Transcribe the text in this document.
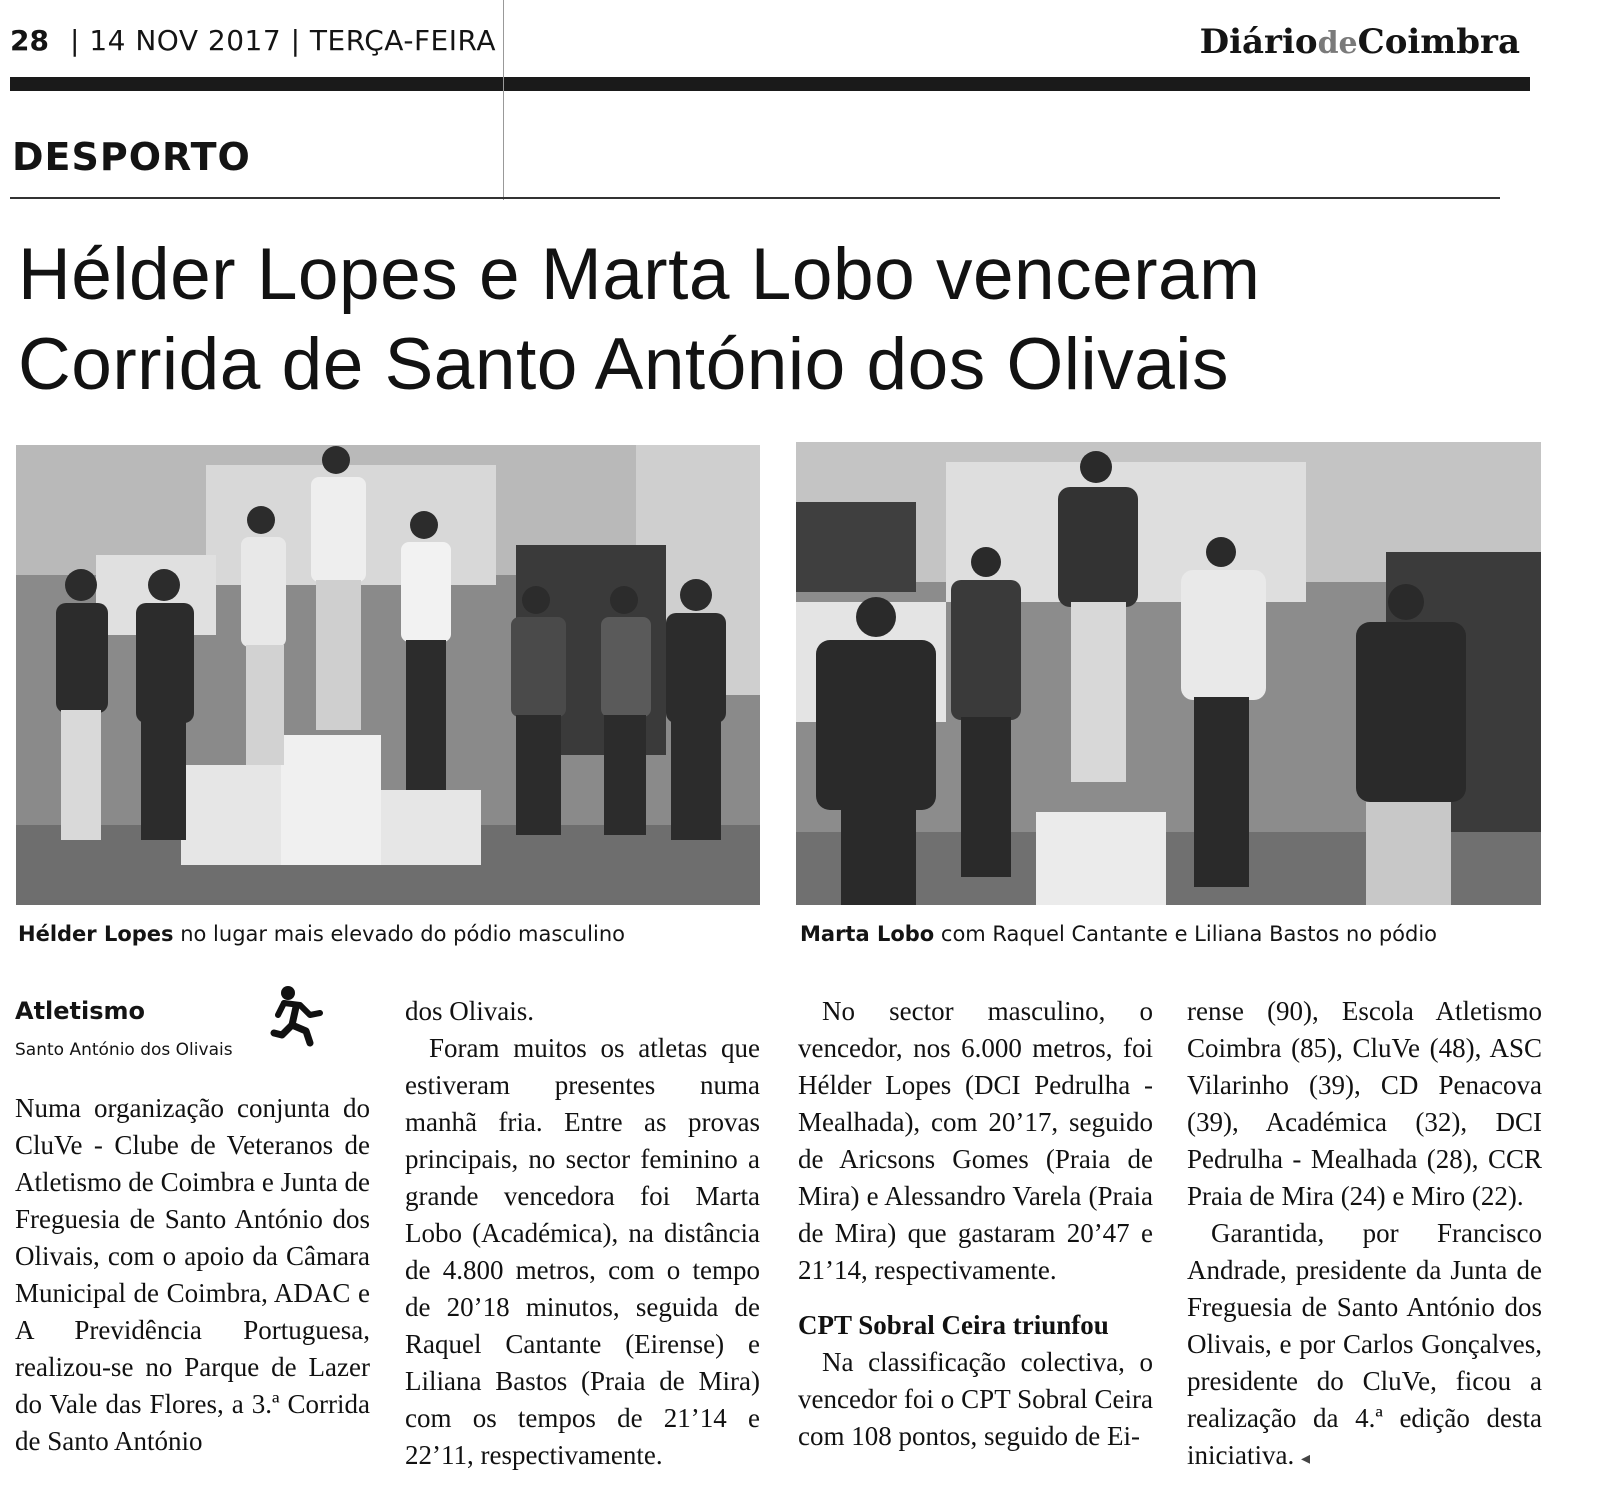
28 | 14 NOV 2017 | TERÇA-FEIRA	DiáriodeCoimbra
DESPORTO
Hélder Lopes e Marta Lobo venceram
Corrida de Santo António dos Olivais
Hélder Lopes no lugar mais elevado do pódio masculino	Marta Lobo com Raquel Cantante e Liliana Bastos no pódio
Atletismo
Santo António dos Olivais

Numa organização conjunta do CluVe - Clube de Veteranos de Atletismo de Coimbra e Junta de Freguesia de Santo António dos Olivais, com o apoio da Câmara Municipal de Coimbra, ADAC e A Previdência Portuguesa, realizou-se no Parque de Lazer do Vale das Flores, a 3.ª Corrida de Santo António

dos Olivais.

Foram muitos os atletas que estiveram presentes numa manhã fria. Entre as provas principais, no sector feminino a grande vencedora foi Marta Lobo (Académica), na distância de 4.800 metros, com o tempo de 20’18 minutos, seguida de Raquel Cantante (Eirense) e Liliana Bastos (Praia de Mira) com os tempos de 21’14 e 22’11, respectivamente.

No sector masculino, o vencedor, nos 6.000 metros, foi Hélder Lopes (DCI Pedrulha - Mealhada), com 20’17, seguido de Aricsons Gomes (Praia de Mira) e Alessandro Varela (Praia de Mira) que gastaram 20’47 e 21’14, respectivamente.

CPT Sobral Ceira triunfou

Na classificação colectiva, o vencedor foi o CPT Sobral Ceira com 108 pontos, seguido de Ei-

rense (90), Escola Atletismo Coimbra (85), CluVe (48), ASC Vilarinho (39), CD Penacova (39), Académica (32), DCI Pedrulha - Mealhada (28), CCR Praia de Mira (24) e Miro (22).

Garantida, por Francisco Andrade, presidente da Junta de Freguesia de Santo António dos Olivais, e por Carlos Gonçalves, presidente do CluVe, ficou a realização da 4.ª edição desta iniciativa. ◂
